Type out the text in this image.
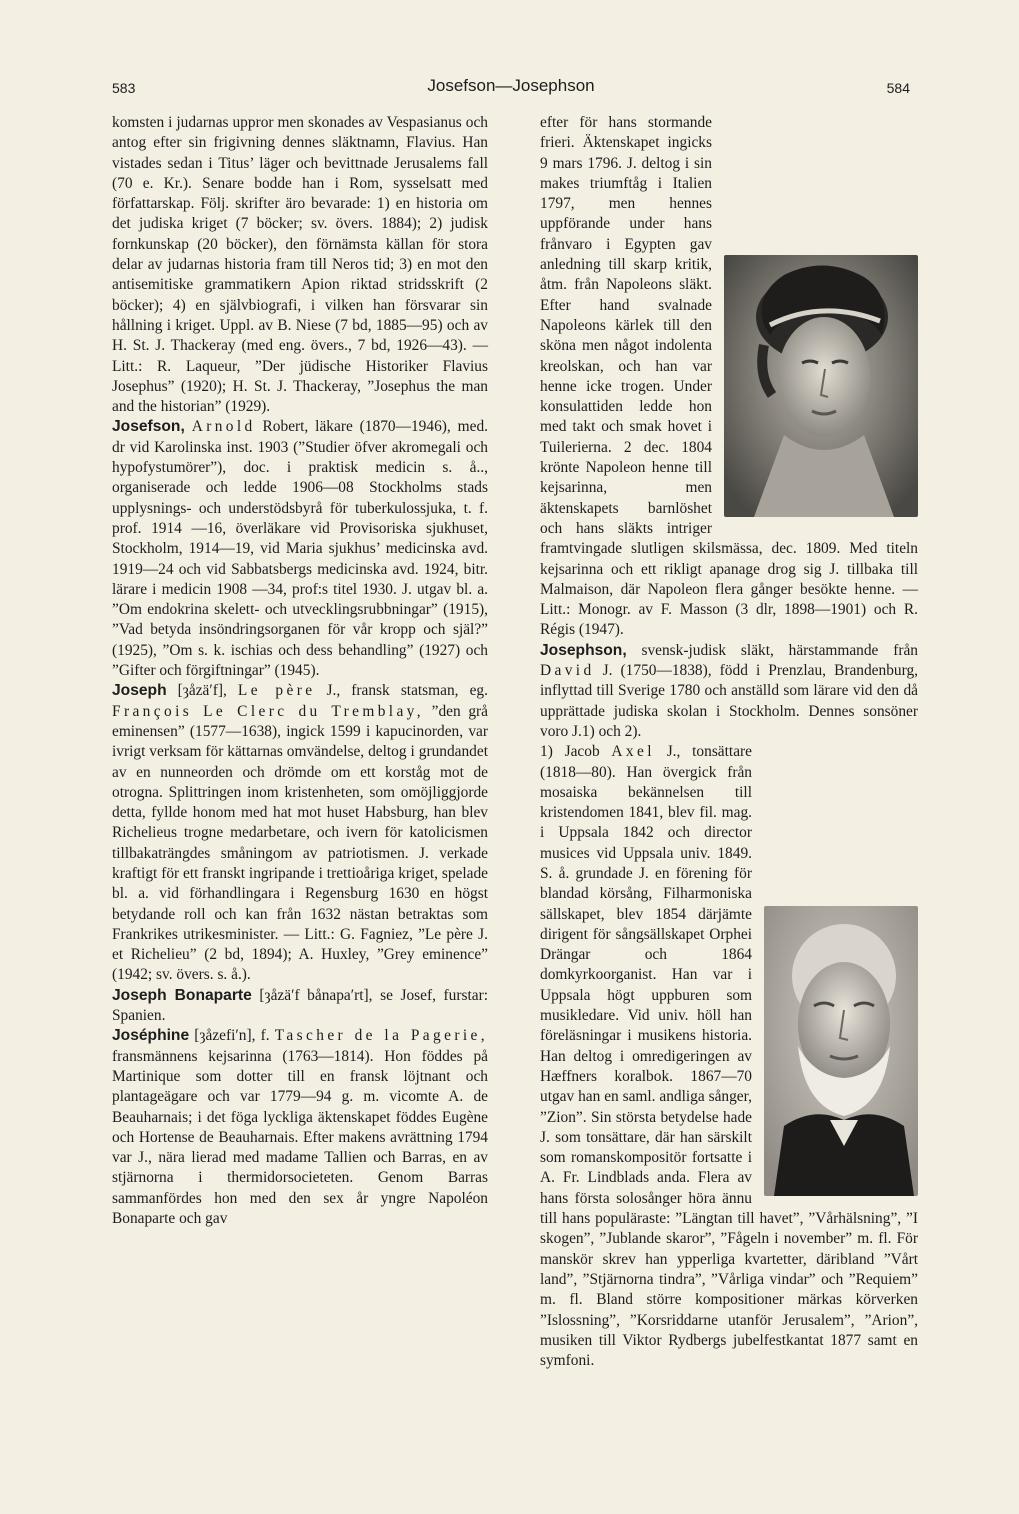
583	Josefson—Josephson	584

komsten i judarnas uppror men skonades av Vespasianus och antog efter sin frigivning dennes släktnamn, Flavius. Han vistades sedan i Titus’ läger och bevittnade Jerusalems fall (70 e. Kr.). Senare bodde han i Rom, sysselsatt med författarskap. Följ. skrifter äro bevarade: 1) en historia om det judiska kriget (7 böcker; sv. övers. 1884); 2) judisk fornkunskap (20 böcker), den förnämsta källan för stora delar av judarnas historia fram till Neros tid; 3) en mot den antisemitiske grammatikern Apion riktad stridsskrift (2 böcker); 4) en självbiografi, i vilken han försvarar sin hållning i kriget. Uppl. av B. Niese (7 bd, 1885—95) och av H. St. J. Thackeray (med eng. övers., 7 bd, 1926—43). — Litt.: R. Laqueur, ”Der jüdische Historiker Flavius Josephus” (1920); H. St. J. Thackeray, ”Josephus the man and the historian” (1929).

Josefson, Arnold Robert, läkare (1870—1946), med. dr vid Karolinska inst. 1903 (”Studier öfver akromegali och hypofystumörer”), doc. i praktisk medicin s. å.., organiserade och ledde 1906—08 Stockholms stads upplysnings- och understödsbyrå för tuberkulossjuka, t. f. prof. 1914 —16, överläkare vid Provisoriska sjukhuset, Stockholm, 1914—19, vid Maria sjukhus’ medicinska avd. 1919—24 och vid Sabbatsbergs medicinska avd. 1924, bitr. lärare i medicin 1908 —34, prof:s titel 1930. J. utgav bl. a. ”Om endokrina skelett- och utvecklingsrubbningar” (1915), ”Vad betyda insöndringsorganen för vår kropp och själ?” (1925), ”Om s. k. ischias och dess behandling” (1927) och ”Gifter och förgiftningar” (1945).

Joseph [ȝåzä′f], Le père J., fransk statsman, eg. François Le Clerc du Tremblay, ”den grå eminensen” (1577—1638), ingick 1599 i kapucinorden, var ivrigt verksam för kättarnas omvändelse, deltog i grundandet av en nunneorden och drömde om ett korståg mot de otrogna. Splittringen inom kristenheten, som omöjliggjorde detta, fyllde honom med hat mot huset Habsburg, han blev Richelieus trogne medarbetare, och ivern för katolicismen tillbakaträngdes småningom av patriotismen. J. verkade kraftigt för ett franskt ingripande i trettioåriga kriget, spelade bl. a. vid förhandlingara i Regensburg 1630 en högst betydande roll och kan från 1632 nästan betraktas som Frankrikes utrikesminister. — Litt.: G. Fagniez, ”Le père J. et Richelieu” (2 bd, 1894); A. Huxley, ”Grey eminence” (1942; sv. övers. s. å.).

Joseph Bonaparte [ȝåzä′f bånapa′rt], se Josef, furstar: Spanien.

Joséphine [ȝåzefi′n], f. Tascher de la Pagerie, fransmännens kejsarinna (1763—1814). Hon föddes på Martinique som dotter till en fransk löjtnant och plantageägare och var 1779—94 g. m. vicomte A. de Beauharnais; i det föga lyckliga äktenskapet föddes Eugène och Hortense de Beauharnais. Efter makens avrättning 1794 var J., nära lierad med madame Tallien och Barras, en av stjärnorna i thermidorsocieteten. Genom Barras sammanfördes hon med den sex år yngre Napoléon Bonaparte och gav

efter för hans stormande frieri. Äktenskapet ingicks 9 mars 1796. J. deltog i sin makes triumftåg i Italien 1797, men hennes uppförande under hans frånvaro i Egypten gav anledning till skarp kritik, åtm. från Napoleons släkt. Efter hand svalnade Napoleons kärlek till den sköna men något indolenta kreolskan, och han var henne icke trogen. Under konsulattiden ledde hon med takt och smak hovet i Tuilerierna. 2 dec. 1804 krönte Napoleon henne till kejsarinna, men äktenskapets barnlöshet och hans släkts intriger framtvingade slutligen skilsmässa, dec. 1809. Med titeln kejsarinna och ett rikligt apanage drog sig J. tillbaka till Malmaison, där Napoleon flera gånger besökte henne. — Litt.: Monogr. av F. Masson (3 dlr, 1898—1901) och R. Régis (1947).

Josephson, svensk-judisk släkt, härstammande från David J. (1750—1838), född i Prenzlau, Brandenburg, inflyttad till Sverige 1780 och anställd som lärare vid den då upprättade judiska skolan i Stockholm. Dennes sonsöner voro J.1) och 2).

1) Jacob Axel J., tonsättare (1818—80). Han övergick från mosaiska bekännelsen till kristendomen 1841, blev fil. mag. i Uppsala 1842 och director musices vid Uppsala univ. 1849. S. å. grundade J. en förening för blandad körsång, Filharmoniska sällskapet, blev 1854 därjämte dirigent för sångsällskapet Orphei Drängar och 1864 domkyrkoorganist. Han var i Uppsala högt uppburen som musikledare. Vid univ. höll han föreläsningar i musikens historia. Han deltog i omredigeringen av Hæffners koralbok. 1867—70 utgav han en saml. andliga sånger, ”Zion”. Sin största betydelse hade J. som tonsättare, där han särskilt som romanskompositör fortsatte i A. Fr. Lindblads anda. Flera av hans första solosånger höra ännu till hans populäraste: ”Längtan till havet”, ”Vårhälsning”, ”I skogen”, ”Jublande skaror”, ”Fågeln i november” m. fl. För manskör skrev han ypperliga kvartetter, däribland ”Vårt land”, ”Stjärnorna tindra”, ”Vårliga vindar” och ”Requiem” m. fl. Bland större kompositioner märkas körverken ”Islossning”, ”Korsriddarne utanför Jerusalem”, ”Arion”, musiken till Viktor Rydbergs jubelfestkantat 1877 samt en symfoni.
